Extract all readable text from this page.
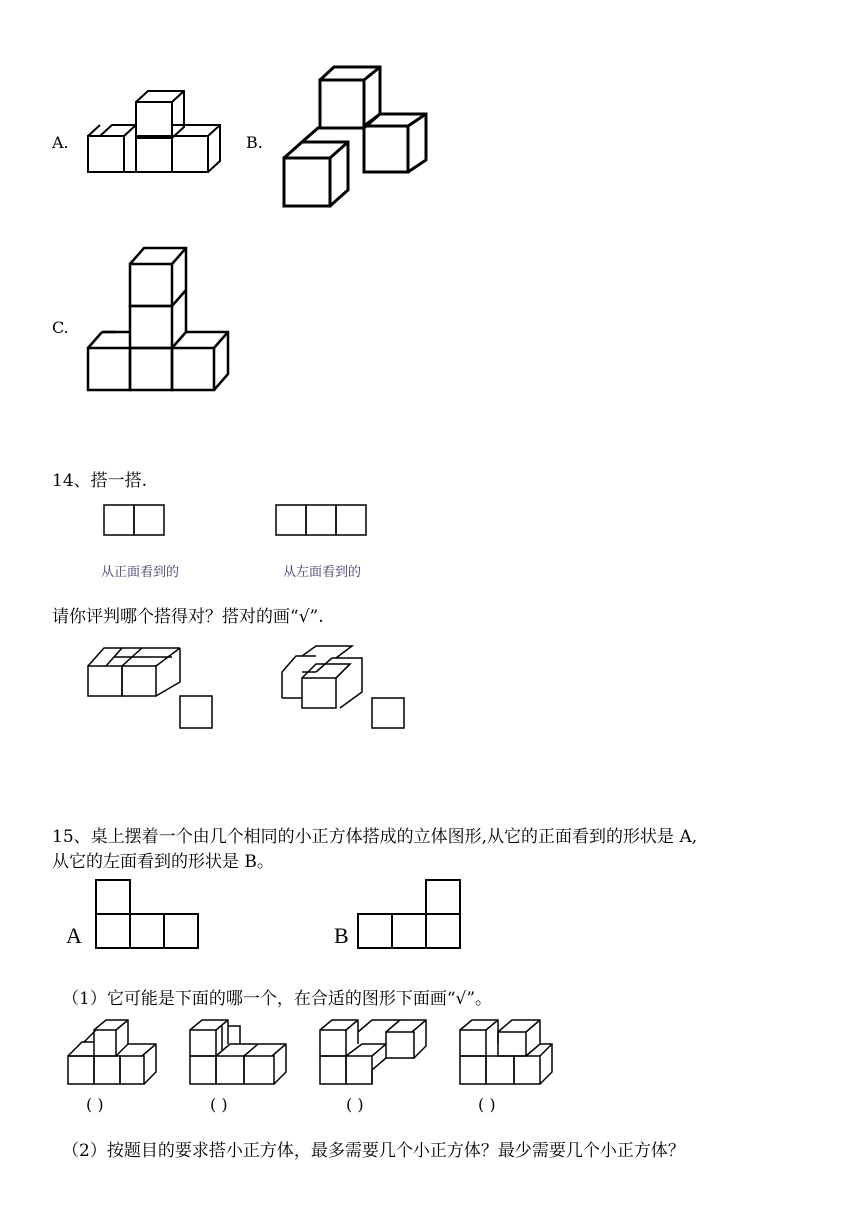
A.	B.
C.
14、搭一搭.
从正面看到的	从左面看到的
请你评判哪个搭得对？搭对的画“√”.
15、桌上摆着一个由几个相同的小正方体搭成的立体图形,从它的正面看到的形状是 A,
从它的左面看到的形状是 B。
A	B
（1）它可能是下面的哪一个，在合适的图形下面画“√”。
( )	( )	( )	( )
（2）按题目的要求搭小正方体，最多需要几个小正方体？最少需要几个小正方体？
